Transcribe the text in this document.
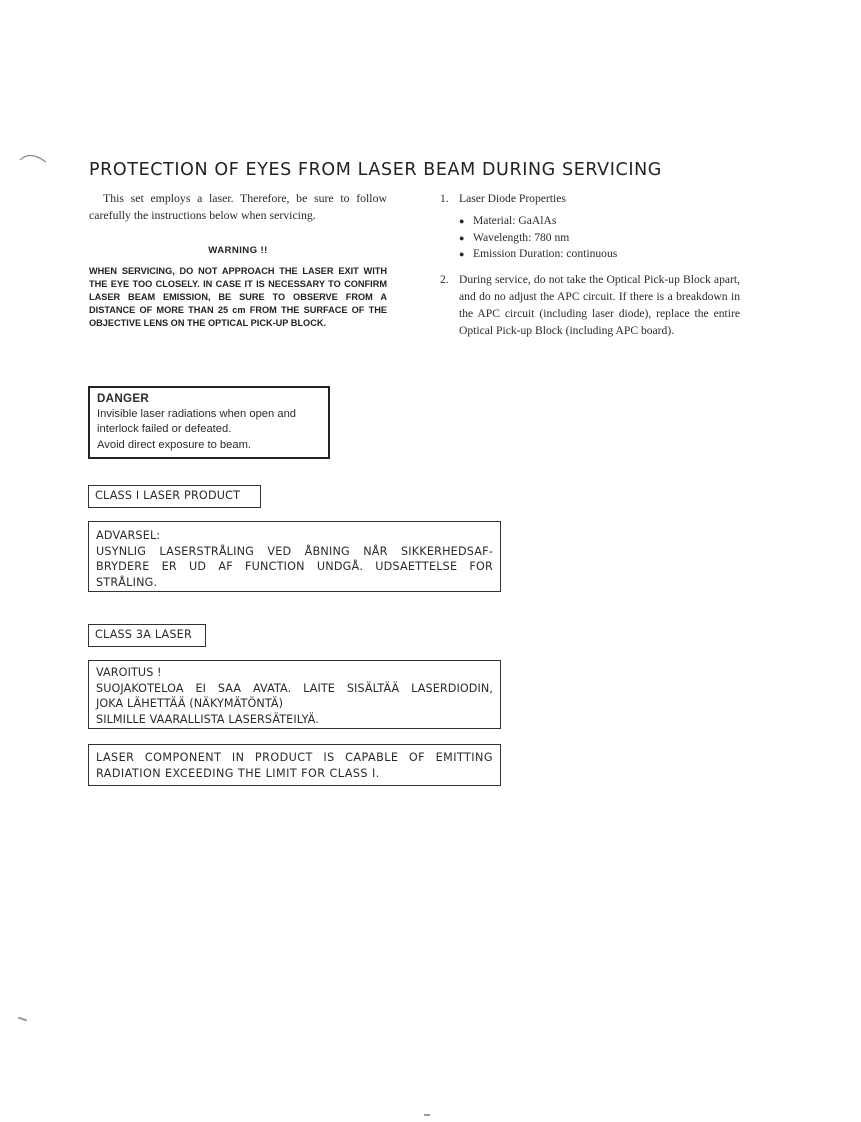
PROTECTION OF EYES FROM LASER BEAM DURING SERVICING

This set employs a laser. Therefore, be sure to follow carefully the instructions below when servicing.

WARNING !!

WHEN SERVICING, DO NOT APPROACH THE LASER EXIT WITH THE EYE TOO CLOSELY. IN CASE IT IS NECESSARY TO CONFIRM LASER BEAM EMISSION, BE SURE TO OBSERVE FROM A DISTANCE OF MORE THAN 25 cm FROM THE SURFACE OF THE OBJECTIVE LENS ON THE OPTICAL PICK-UP BLOCK.

1. Laser Diode Properties
● Material: GaAlAs
● Wavelength: 780 nm
● Emission Duration: continuous
2. During service, do not take the Optical Pick-up Block apart, and do no adjust the APC circuit. If there is a breakdown in the APC circuit (including laser diode), replace the entire Optical Pick-up Block (including APC board).
DANGER
Invisible laser radiations when open and
interlock failed or defeated.
Avoid direct exposure to beam.
CLASS I LASER PRODUCT
ADVARSEL:
USYNLIG LASERSTRÅLING VED ÅBNING NÅR SIKKERHEDSAF-
BRYDERE ER UD AF FUNCTION UNDGÅ. UDSAETTELSE FOR
STRÅLING.
CLASS 3A LASER
VAROITUS !
SUOJAKOTELOA EI SAA AVATA. LAITE SISÄLTÄÄ LASERDIODIN,
JOKA LÄHETTÄÄ (NÄKYMÄTÖNTÄ)
SILMILLE VAARALLISTA LASERSÄTEILYÄ.
LASER COMPONENT IN PRODUCT IS CAPABLE OF EMITTING
RADIATION EXCEEDING THE LIMIT FOR CLASS I.
